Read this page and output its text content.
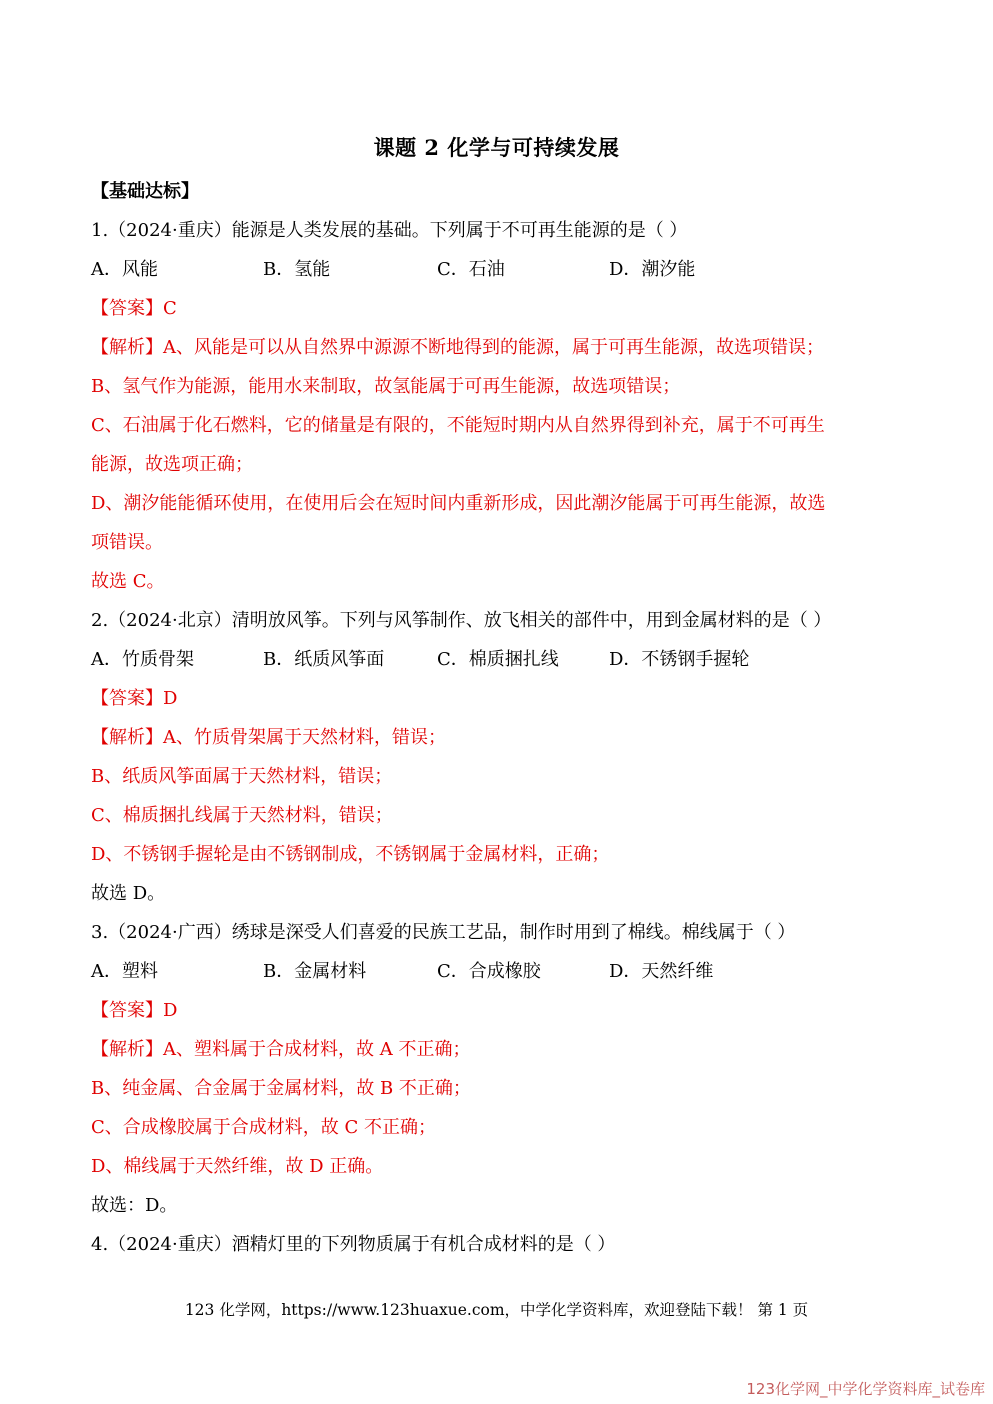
课题 2 化学与可持续发展
【基础达标】
1.（2024·重庆）能源是人类发展的基础。下列属于不可再生能源的是（ ）
A．风能	B．氢能	C．石油	D．潮汐能
【答案】C
【解析】A、风能是可以从自然界中源源不断地得到的能源，属于可再生能源，故选项错误；
B、氢气作为能源，能用水来制取，故氢能属于可再生能源，故选项错误；
C、石油属于化石燃料，它的储量是有限的，不能短时期内从自然界得到补充，属于不可再生
能源，故选项正确；
D、潮汐能能循环使用，在使用后会在短时间内重新形成，因此潮汐能属于可再生能源，故选
项错误。
故选 C。
2.（2024·北京）清明放风筝。下列与风筝制作、放飞相关的部件中，用到金属材料的是（ ）
A．竹质骨架	B．纸质风筝面	C．棉质捆扎线	D．不锈钢手握轮
【答案】D
【解析】A、竹质骨架属于天然材料，错误；
B、纸质风筝面属于天然材料，错误；
C、棉质捆扎线属于天然材料，错误；
D、不锈钢手握轮是由不锈钢制成，不锈钢属于金属材料，正确；
故选 D。
3.（2024·广西）绣球是深受人们喜爱的民族工艺品，制作时用到了棉线。棉线属于（ ）
A．塑料	B．金属材料	C．合成橡胶	D．天然纤维
【答案】D
【解析】A、塑料属于合成材料，故 A 不正确；
B、纯金属、合金属于金属材料，故 B 不正确；
C、合成橡胶属于合成材料，故 C 不正确；
D、棉线属于天然纤维，故 D 正确。
故选：D。
4.（2024·重庆）酒精灯里的下列物质属于有机合成材料的是（ ）
123 化学网，https://www.123huaxue.com，中学化学资料库，欢迎登陆下载！ 第 1 页
123化学网_中学化学资料库_试卷库
